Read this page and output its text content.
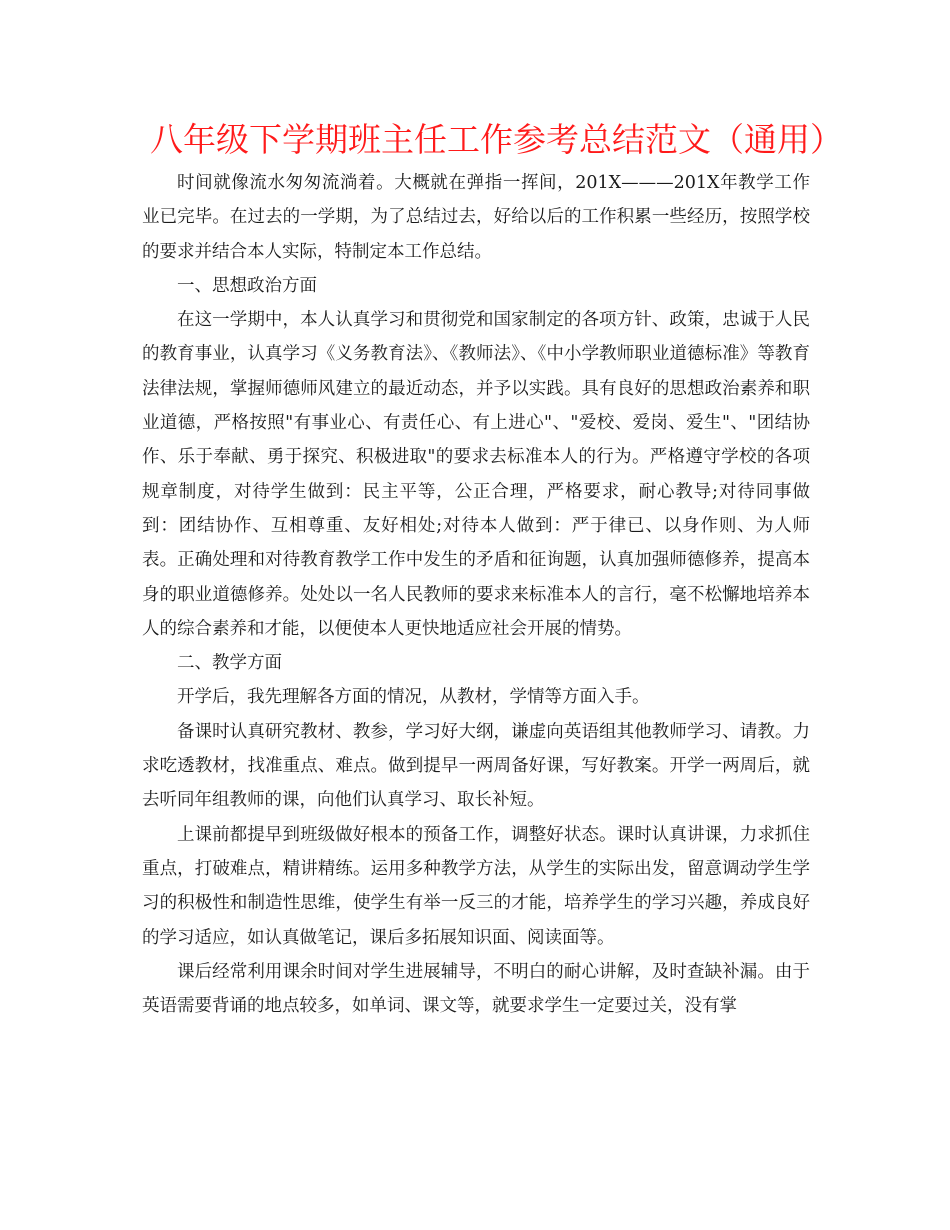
八年级下学期班主任工作参考总结范文（通用）

时间就像流水匆匆流淌着。大概就在弹指一挥间，201X———201X年教学工作业已完毕。在过去的一学期，为了总结过去，好给以后的工作积累一些经历，按照学校的要求并结合本人实际，特制定本工作总结。

一、思想政治方面

在这一学期中，本人认真学习和贯彻党和国家制定的各项方针、政策，忠诚于人民的教育事业，认真学习《义务教育法》、《教师法》、《中小学教师职业道德标准》等教育法律法规，掌握师德师风建立的最近动态，并予以实践。具有良好的思想政治素养和职业道德，严格按照"有事业心、有责任心、有上进心"、"爱校、爱岗、爱生"、"团结协作、乐于奉献、勇于探究、积极进取"的要求去标准本人的行为。严格遵守学校的各项规章制度，对待学生做到：民主平等，公正合理，严格要求，耐心教导;对待同事做到：团结协作、互相尊重、友好相处;对待本人做到：严于律已、以身作则、为人师表。正确处理和对待教育教学工作中发生的矛盾和征询题，认真加强师德修养，提高本身的职业道德修养。处处以一名人民教师的要求来标准本人的言行，毫不松懈地培养本人的综合素养和才能，以便使本人更快地适应社会开展的情势。

二、教学方面

开学后，我先理解各方面的情况，从教材，学情等方面入手。

备课时认真研究教材、教参，学习好大纲，谦虚向英语组其他教师学习、请教。力求吃透教材，找准重点、难点。做到提早一两周备好课，写好教案。开学一两周后，就去听同年组教师的课，向他们认真学习、取长补短。

上课前都提早到班级做好根本的预备工作，调整好状态。课时认真讲课，力求抓住重点，打破难点，精讲精练。运用多种教学方法，从学生的实际出发，留意调动学生学习的积极性和制造性思维，使学生有举一反三的才能，培养学生的学习兴趣，养成良好的学习适应，如认真做笔记，课后多拓展知识面、阅读面等。

课后经常利用课余时间对学生进展辅导，不明白的耐心讲解，及时查缺补漏。由于英语需要背诵的地点较多，如单词、课文等，就要求学生一定要过关，没有掌
